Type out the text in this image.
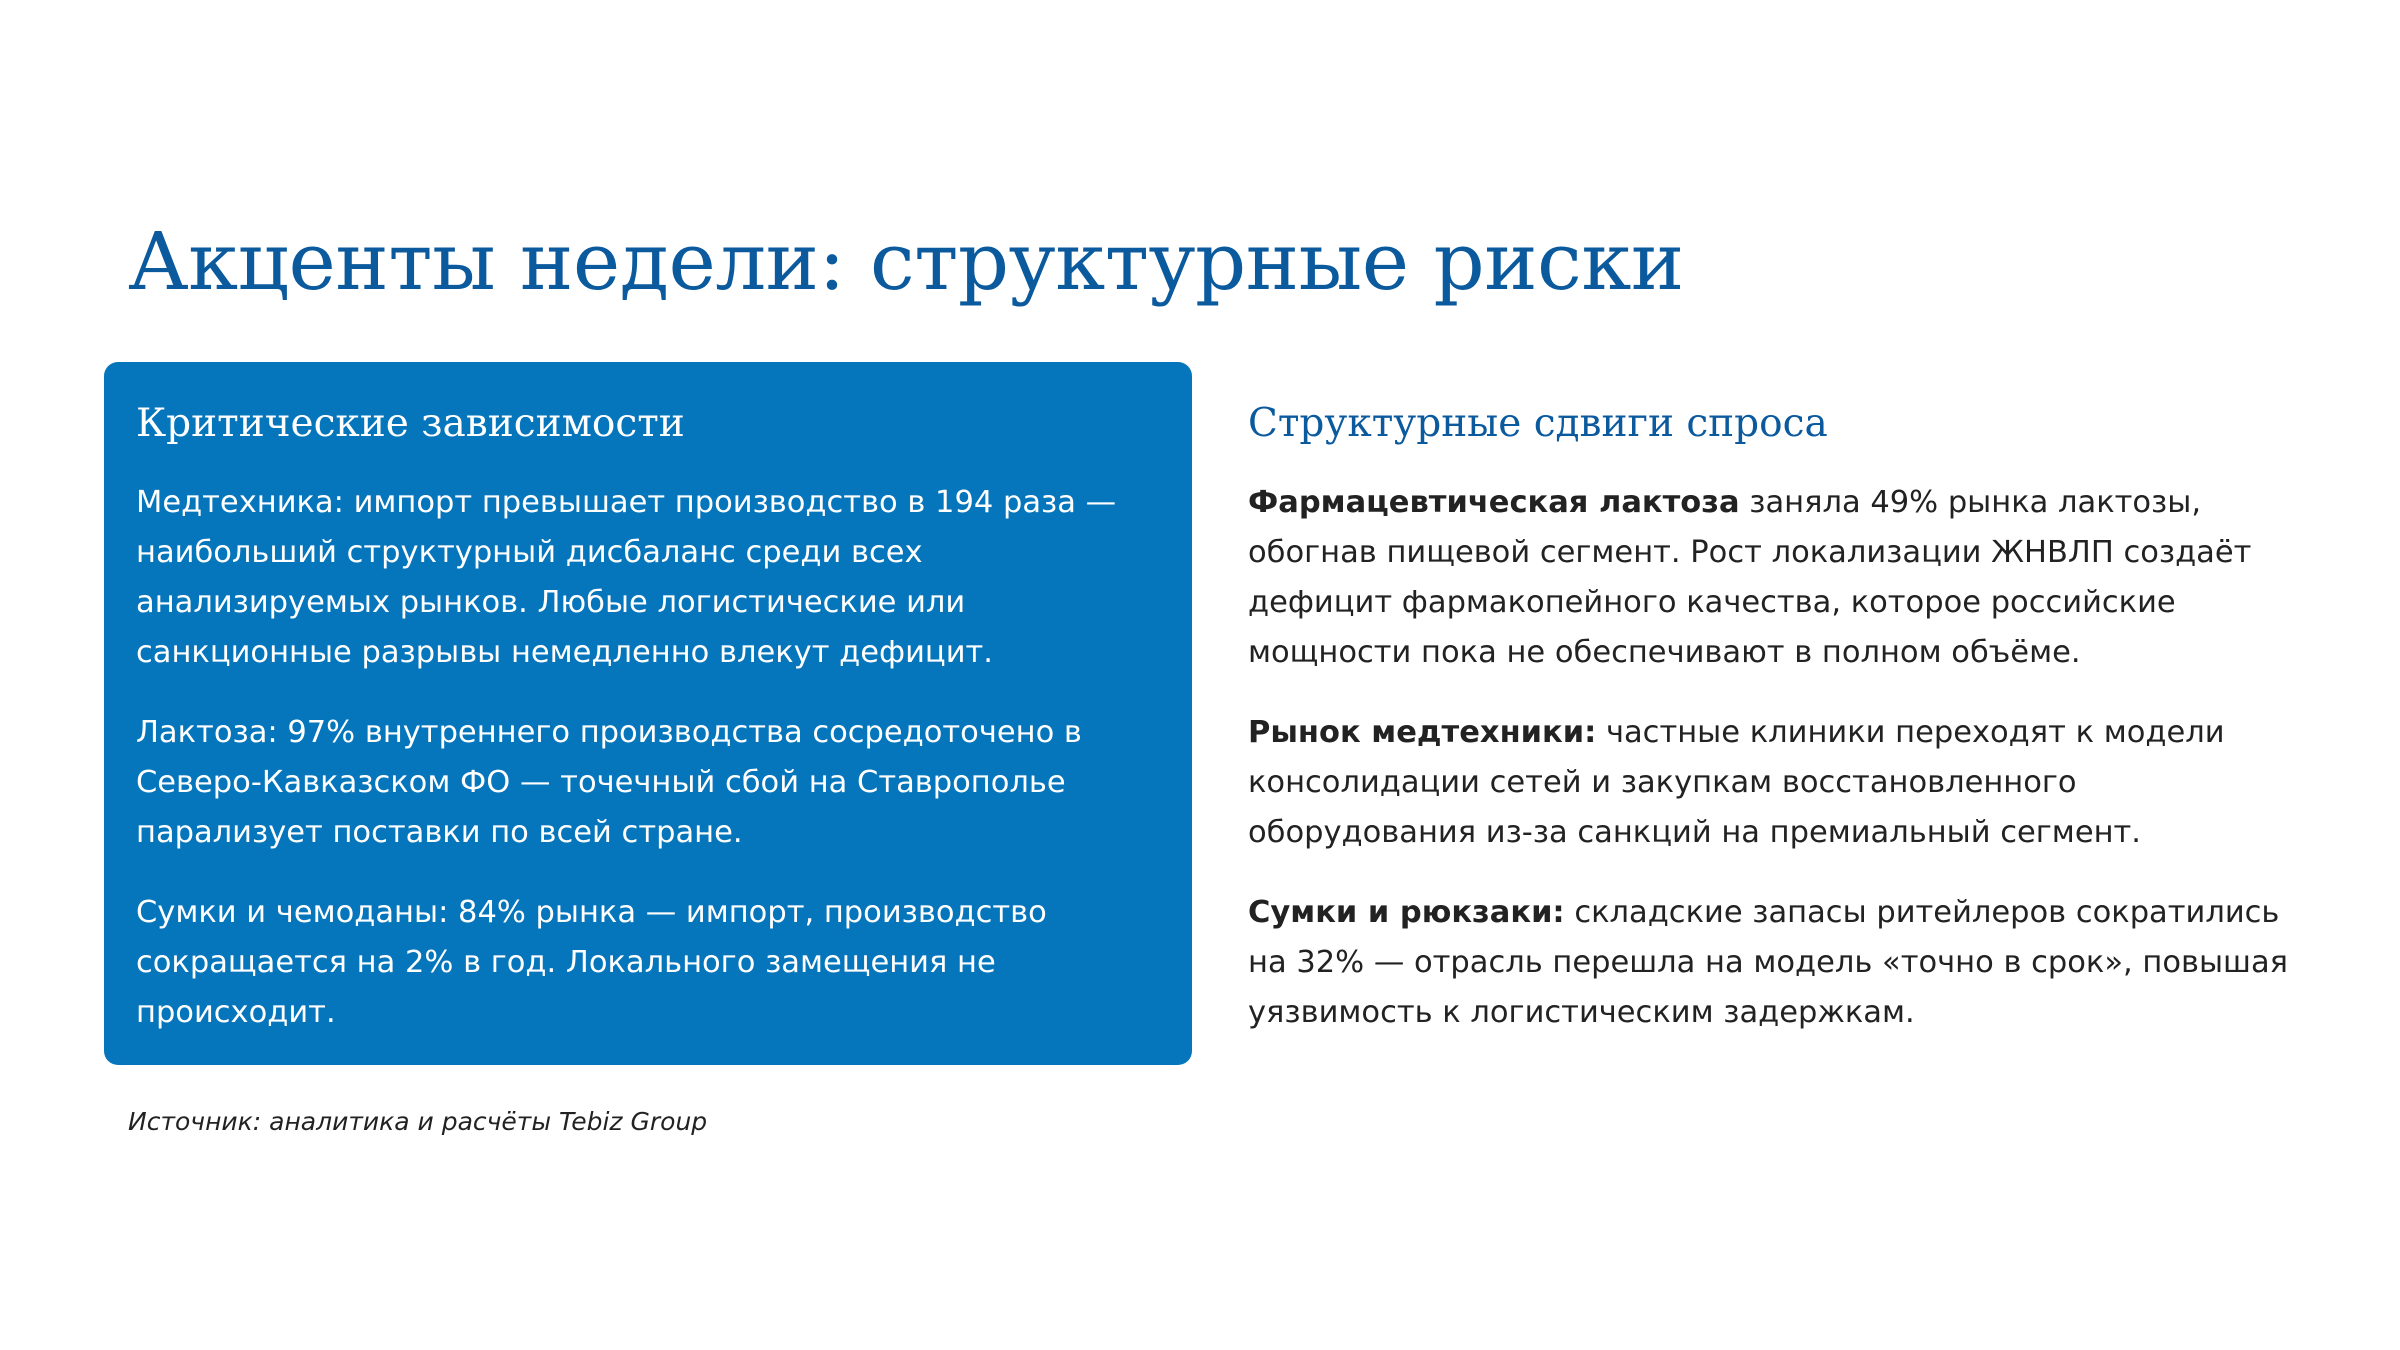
Акценты недели: структурные риски
Критические зависимости

Медтехника: импорт превышает производство в 194 раза — наибольший структурный дисбаланс среди всех анализируемых рынков. Любые логистические или санкционные разрывы немедленно влекут дефицит.

Лактоза: 97% внутреннего производства сосредоточено в Северо-Кавказском ФО — точечный сбой на Ставрополье парализует поставки по всей стране.

Сумки и чемоданы: 84% рынка — импорт, производство сокращается на 2% в год. Локального замещения не происходит.

Структурные сдвиги спроса

Фармацевтическая лактоза заняла 49% рынка лактозы, обогнав пищевой сегмент. Рост локализации ЖНВЛП создаёт дефицит фармакопейного качества, которое российские мощности пока не обеспечивают в полном объёме.

Рынок медтехники: частные клиники переходят к модели консолидации сетей и закупкам восстановленного оборудования из-за санкций на премиальный сегмент.

Сумки и рюкзаки: складские запасы ритейлеров сократились на 32% — отрасль перешла на модель «точно в срок», повышая уязвимость к логистическим задержкам.

Источник: аналитика и расчёты Tebiz Group
